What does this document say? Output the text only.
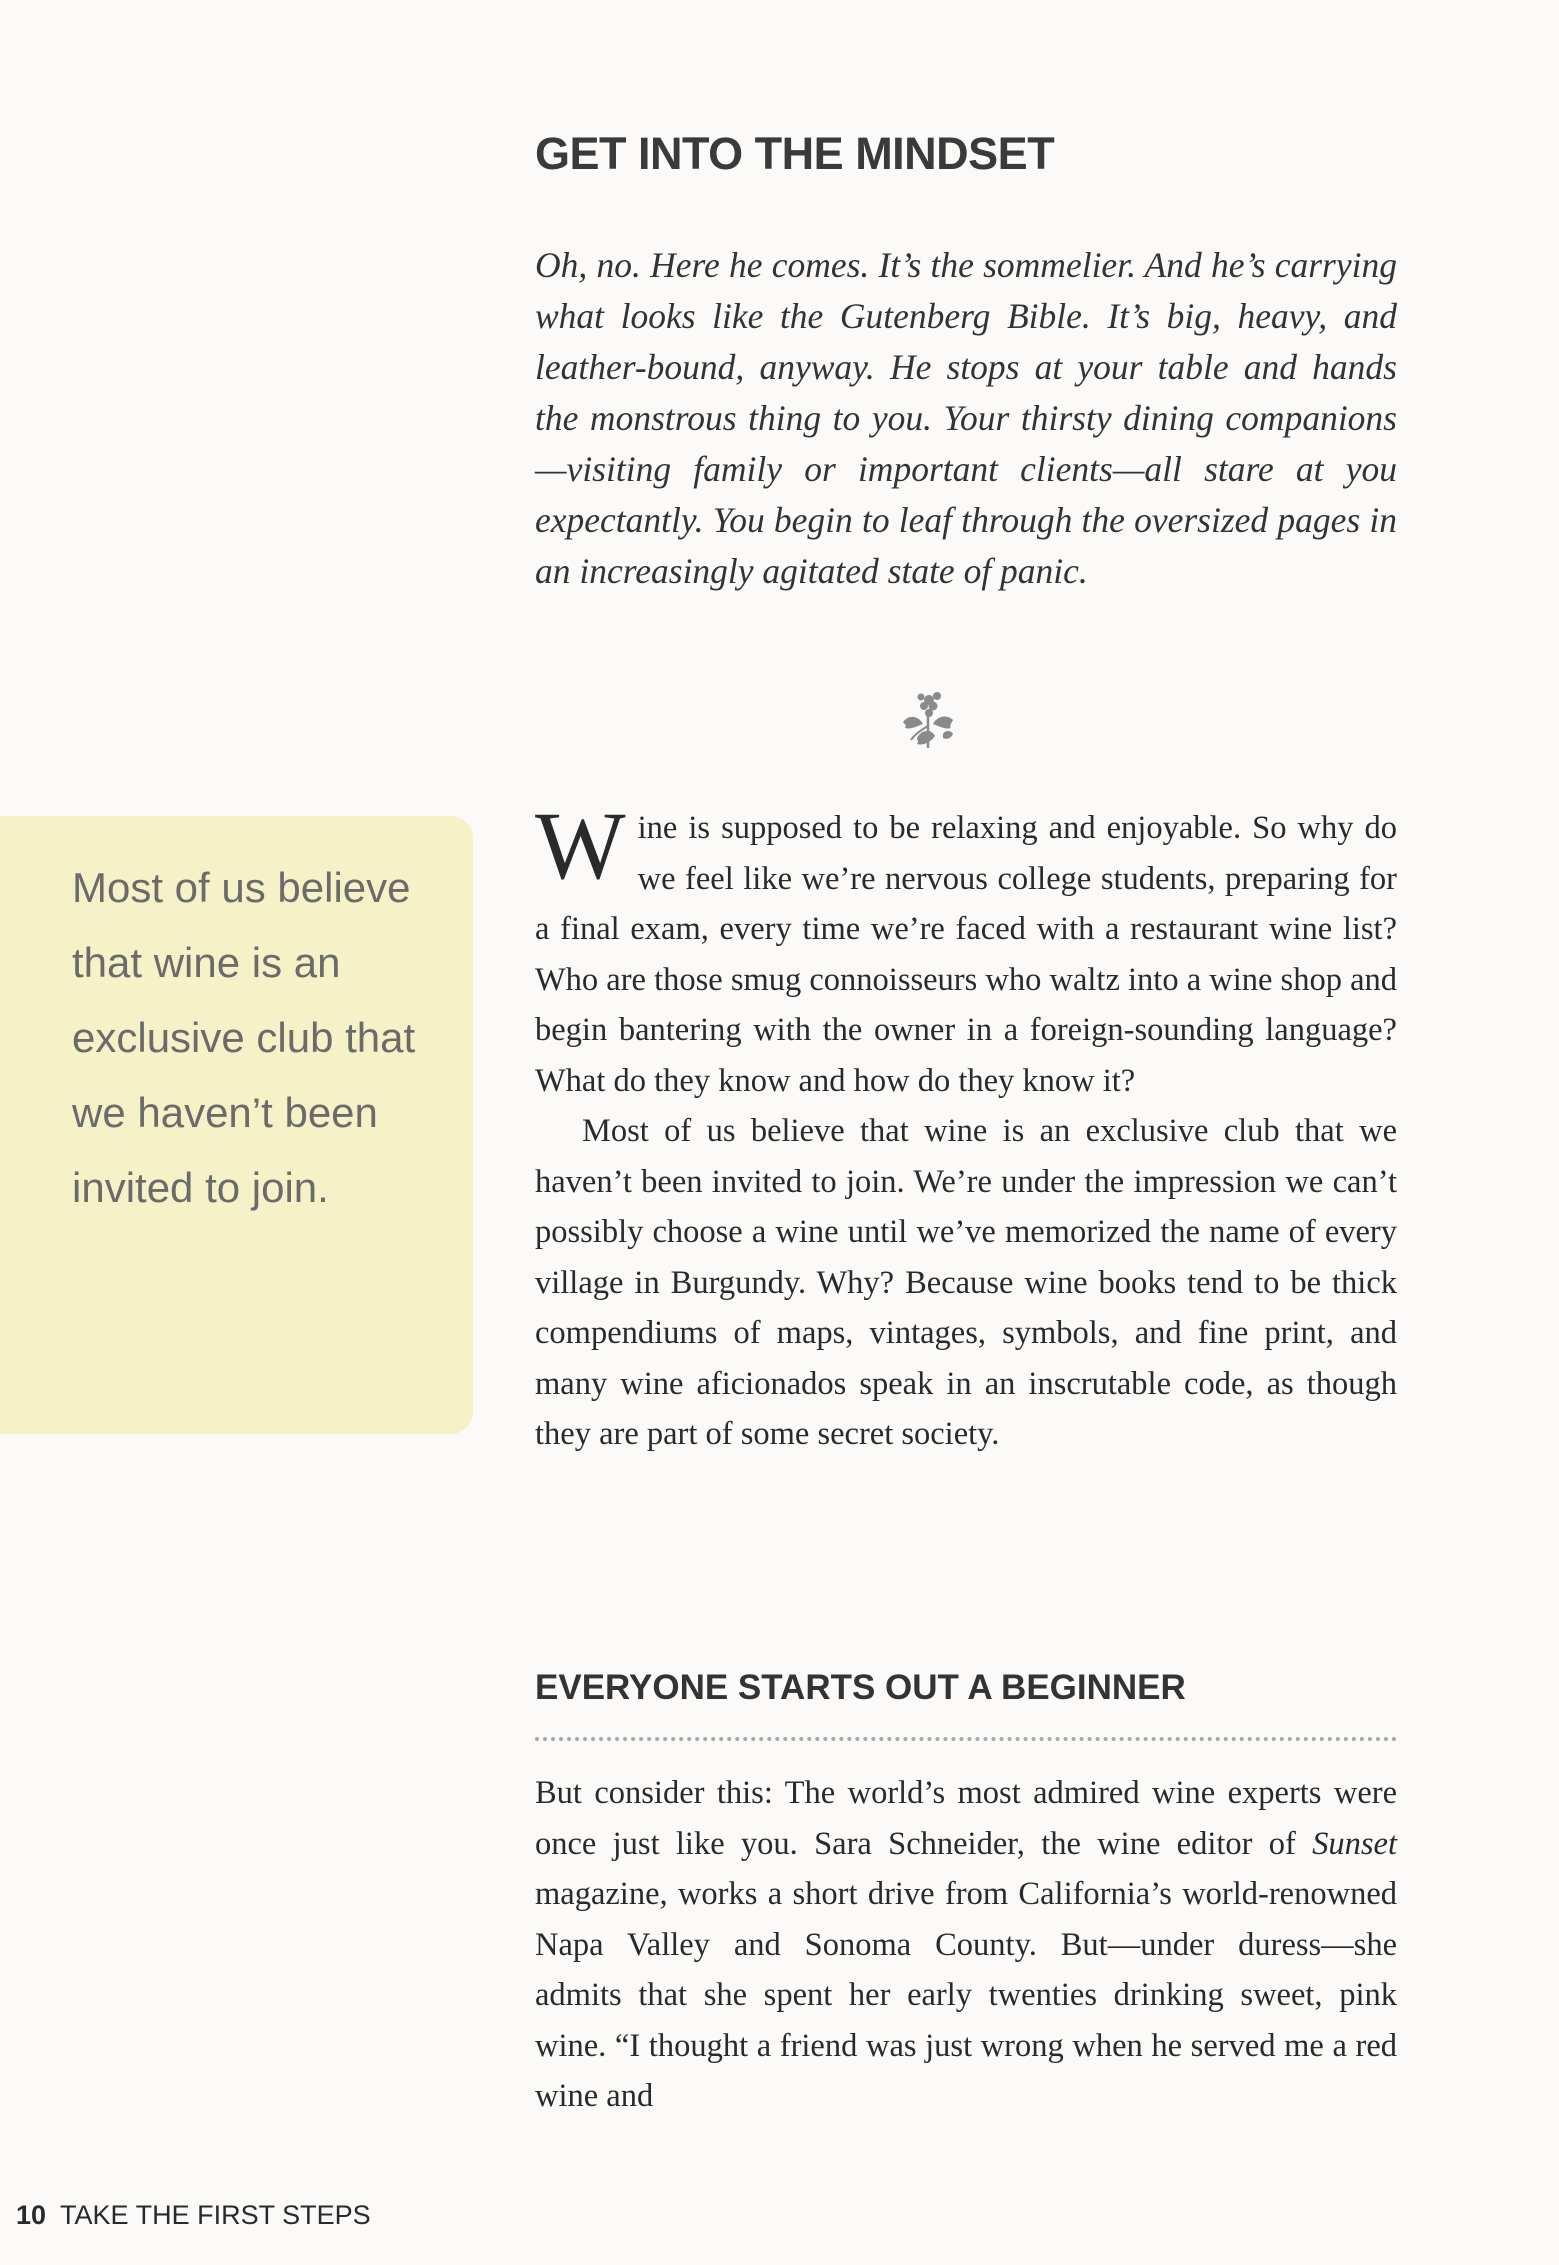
GET INTO THE MINDSET

Oh, no. Here he comes. It’s the sommelier. And he’s carrying what looks like the Gutenberg Bible. It’s big, heavy, and leather-bound, anyway. He stops at your table and hands the monstrous thing to you. Your thirsty dining companions—visiting family or important clients—all stare at you expectantly. You begin to leaf through the oversized pages in an increasingly agitated state of panic.

Most of us believe that wine is an exclusive club that we haven’t been invited to join.

Wine is supposed to be relaxing and enjoyable. So why do we feel like we’re nervous college students, preparing for a final exam, every time we’re faced with a restaurant wine list? Who are those smug connoisseurs who waltz into a wine shop and begin bantering with the owner in a foreign-sounding language? What do they know and how do they know it?

Most of us believe that wine is an exclusive club that we haven’t been invited to join. We’re under the impression we can’t possibly choose a wine until we’ve memorized the name of every village in Burgundy. Why? Because wine books tend to be thick compendiums of maps, vintages, symbols, and fine print, and many wine aficionados speak in an inscrutable code, as though they are part of some secret society.

EVERYONE STARTS OUT A BEGINNER

But consider this: The world’s most admired wine experts were once just like you. Sara Schneider, the wine editor of Sunset magazine, works a short drive from California’s world-renowned Napa Valley and Sonoma County. But—under duress—she admits that she spent her early twenties drinking sweet, pink wine. “I thought a friend was just wrong when he served me a red wine and

10 TAKE THE FIRST STEPS
